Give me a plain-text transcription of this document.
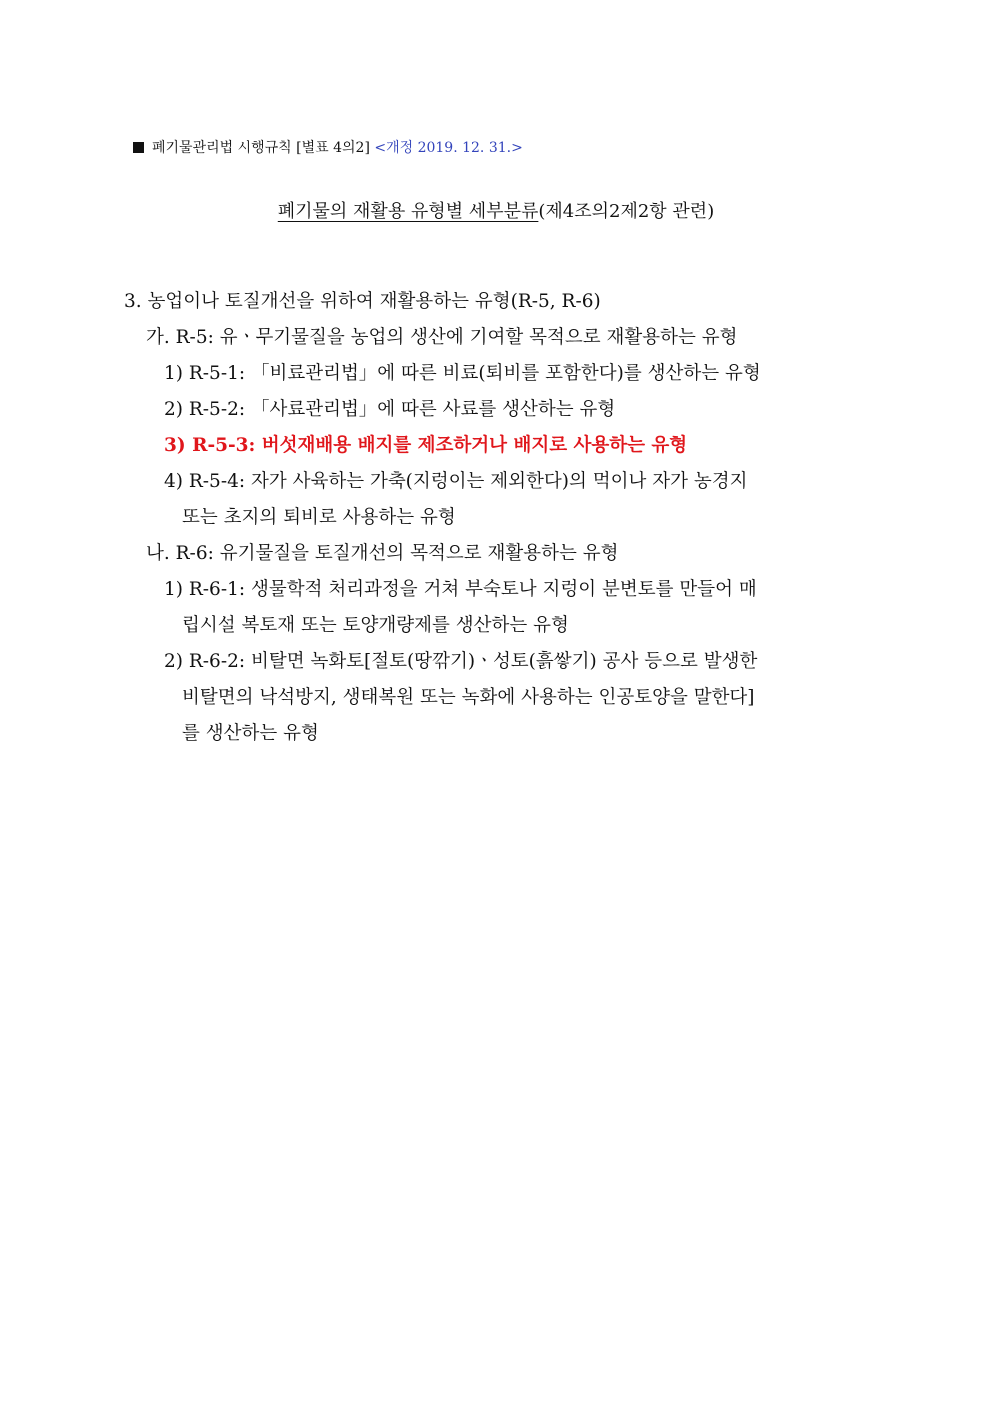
폐기물관리법 시행규칙 [별표 4의2] <개정 2019. 12. 31.>
폐기물의 재활용 유형별 세부분류(제4조의2제2항 관련)
3. 농업이나 토질개선을 위하여 재활용하는 유형(R-5, R-6)
가. R-5: 유ㆍ무기물질을 농업의 생산에 기여할 목적으로 재활용하는 유형
1) R-5-1: 「비료관리법」에 따른 비료(퇴비를 포함한다)를 생산하는 유형
2) R-5-2: 「사료관리법」에 따른 사료를 생산하는 유형
3) R-5-3: 버섯재배용 배지를 제조하거나 배지로 사용하는 유형
4) R-5-4: 자가 사육하는 가축(지렁이는 제외한다)의 먹이나 자가 농경지
또는 초지의 퇴비로 사용하는 유형
나. R-6: 유기물질을 토질개선의 목적으로 재활용하는 유형
1) R-6-1: 생물학적 처리과정을 거쳐 부숙토나 지렁이 분변토를 만들어 매
립시설 복토재 또는 토양개량제를 생산하는 유형
2) R-6-2: 비탈면 녹화토[절토(땅깎기)ㆍ성토(흙쌓기) 공사 등으로 발생한
비탈면의 낙석방지, 생태복원 또는 녹화에 사용하는 인공토양을 말한다]
를 생산하는 유형
